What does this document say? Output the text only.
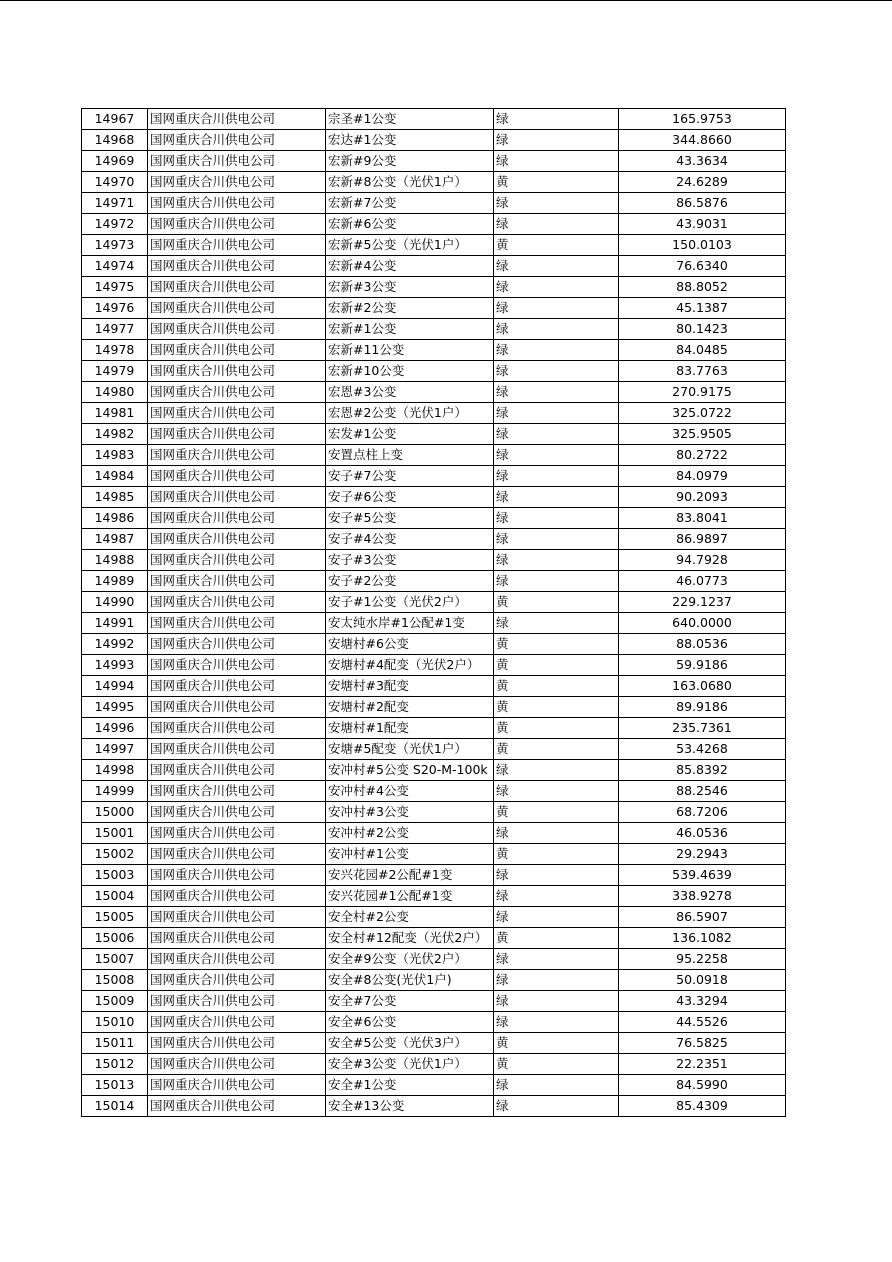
14967	国网重庆合川供电公司	宗圣#1公变	绿	165.9753
14968	国网重庆合川供电公司	宏达#1公变	绿	344.8660
14969	国网重庆合川供电公司	宏新#9公变	绿	43.3634
14970	国网重庆合川供电公司	宏新#8公变（光伏1户）	黄	24.6289
14971	国网重庆合川供电公司	宏新#7公变	绿	86.5876
14972	国网重庆合川供电公司	宏新#6公变	绿	43.9031
14973	国网重庆合川供电公司	宏新#5公变（光伏1户）	黄	150.0103
14974	国网重庆合川供电公司	宏新#4公变	绿	76.6340
14975	国网重庆合川供电公司	宏新#3公变	绿	88.8052
14976	国网重庆合川供电公司	宏新#2公变	绿	45.1387
14977	国网重庆合川供电公司	宏新#1公变	绿	80.1423
14978	国网重庆合川供电公司	宏新#11公变	绿	84.0485
14979	国网重庆合川供电公司	宏新#10公变	绿	83.7763
14980	国网重庆合川供电公司	宏恩#3公变	绿	270.9175
14981	国网重庆合川供电公司	宏恩#2公变（光伏1户）	绿	325.0722
14982	国网重庆合川供电公司	宏发#1公变	绿	325.9505
14983	国网重庆合川供电公司	安置点柱上变	绿	80.2722
14984	国网重庆合川供电公司	安子#7公变	绿	84.0979
14985	国网重庆合川供电公司	安子#6公变	绿	90.2093
14986	国网重庆合川供电公司	安子#5公变	绿	83.8041
14987	国网重庆合川供电公司	安子#4公变	绿	86.9897
14988	国网重庆合川供电公司	安子#3公变	绿	94.7928
14989	国网重庆合川供电公司	安子#2公变	绿	46.0773
14990	国网重庆合川供电公司	安子#1公变（光伏2户）	黄	229.1237
14991	国网重庆合川供电公司	安太纯水岸#1公配#1变	绿	640.0000
14992	国网重庆合川供电公司	安塘村#6公变	黄	88.0536
14993	国网重庆合川供电公司	安塘村#4配变（光伏2户）	黄	59.9186
14994	国网重庆合川供电公司	安塘村#3配变	黄	163.0680
14995	国网重庆合川供电公司	安塘村#2配变	黄	89.9186
14996	国网重庆合川供电公司	安塘村#1配变	黄	235.7361
14997	国网重庆合川供电公司	安塘#5配变（光伏1户）	黄	53.4268
14998	国网重庆合川供电公司	安冲村#5公变 S20-M-100k	绿	85.8392
14999	国网重庆合川供电公司	安冲村#4公变	绿	88.2546
15000	国网重庆合川供电公司	安冲村#3公变	黄	68.7206
15001	国网重庆合川供电公司	安冲村#2公变	绿	46.0536
15002	国网重庆合川供电公司	安冲村#1公变	黄	29.2943
15003	国网重庆合川供电公司	安兴花园#2公配#1变	绿	539.4639
15004	国网重庆合川供电公司	安兴花园#1公配#1变	绿	338.9278
15005	国网重庆合川供电公司	安全村#2公变	绿	86.5907
15006	国网重庆合川供电公司	安全村#12配变（光伏2户）	黄	136.1082
15007	国网重庆合川供电公司	安全#9公变（光伏2户）	绿	95.2258
15008	国网重庆合川供电公司	安全#8公变(光伏1户)	绿	50.0918
15009	国网重庆合川供电公司	安全#7公变	绿	43.3294
15010	国网重庆合川供电公司	安全#6公变	绿	44.5526
15011	国网重庆合川供电公司	安全#5公变（光伏3户）	黄	76.5825
15012	国网重庆合川供电公司	安全#3公变（光伏1户）	黄	22.2351
15013	国网重庆合川供电公司	安全#1公变	绿	84.5990
15014	国网重庆合川供电公司	安全#13公变	绿	85.4309
